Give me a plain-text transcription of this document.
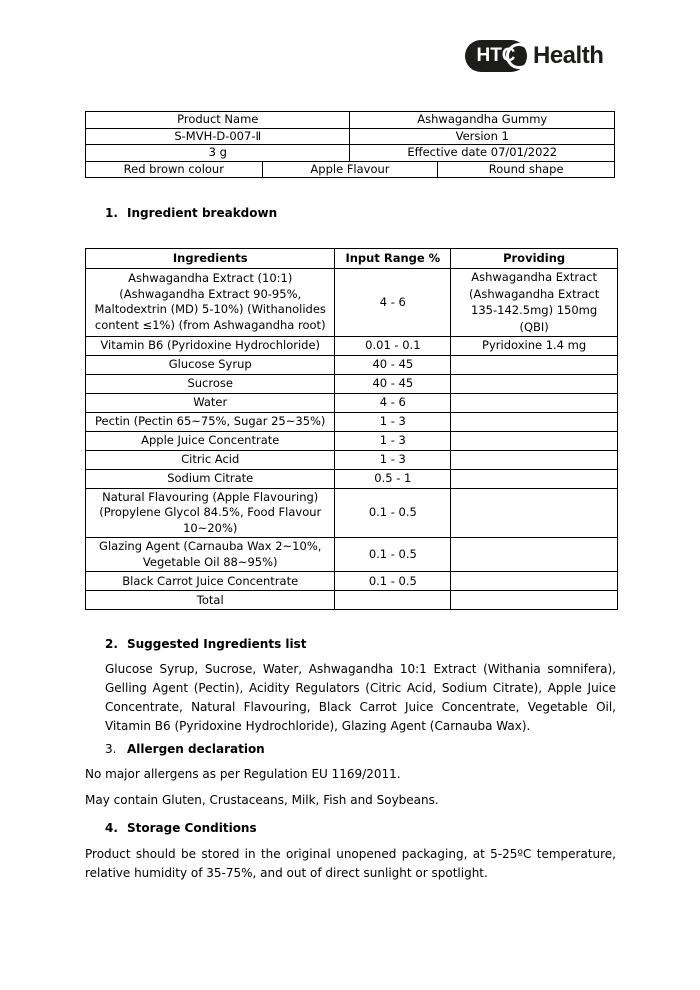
HTC Health
Product Name		Ashwagandha Gummy	
S-MVH-D-007-Ⅱ		Version 1	
3 g		Effective date 07/01/2022	
Red brown colour	Apple Flavour		Round shape
1. Ingredient breakdown
Ingredients	Input Range %	Providing
Ashwagandha Extract (10:1) (Ashwagandha Extract 90-95%, Maltodextrin (MD) 5-10%) (Withanolides content ≤1%) (from Ashwagandha root)	4 - 6	Ashwagandha Extract (Ashwagandha Extract 135-142.5mg) 150mg (QBI)
Vitamin B6 (Pyridoxine Hydrochloride)	0.01 - 0.1	Pyridoxine 1.4 mg
Glucose Syrup	40 - 45	
Sucrose	40 - 45	
Water	4 - 6	
Pectin (Pectin 65~75%, Sugar 25~35%)	1 - 3	
Apple Juice Concentrate	1 - 3	
Citric Acid	1 - 3	
Sodium Citrate	0.5 - 1	
Natural Flavouring (Apple Flavouring) (Propylene Glycol 84.5%, Food Flavour 10~20%)	0.1 - 0.5	
Glazing Agent (Carnauba Wax 2~10%, Vegetable Oil 88~95%)	0.1 - 0.5	
Black Carrot Juice Concentrate	0.1 - 0.5	
Total		
2. Suggested Ingredients list
Glucose Syrup, Sucrose, Water, Ashwagandha 10:1 Extract (Withania somnifera), Gelling Agent (Pectin), Acidity Regulators (Citric Acid, Sodium Citrate), Apple Juice Concentrate, Natural Flavouring, Black Carrot Juice Concentrate, Vegetable Oil, Vitamin B6 (Pyridoxine Hydrochloride), Glazing Agent (Carnauba Wax).
3. Allergen declaration
No major allergens as per Regulation EU 1169/2011.
May contain Gluten, Crustaceans, Milk, Fish and Soybeans.
4. Storage Conditions
Product should be stored in the original unopened packaging, at 5-25ºC temperature, relative humidity of 35-75%, and out of direct sunlight or spotlight.
